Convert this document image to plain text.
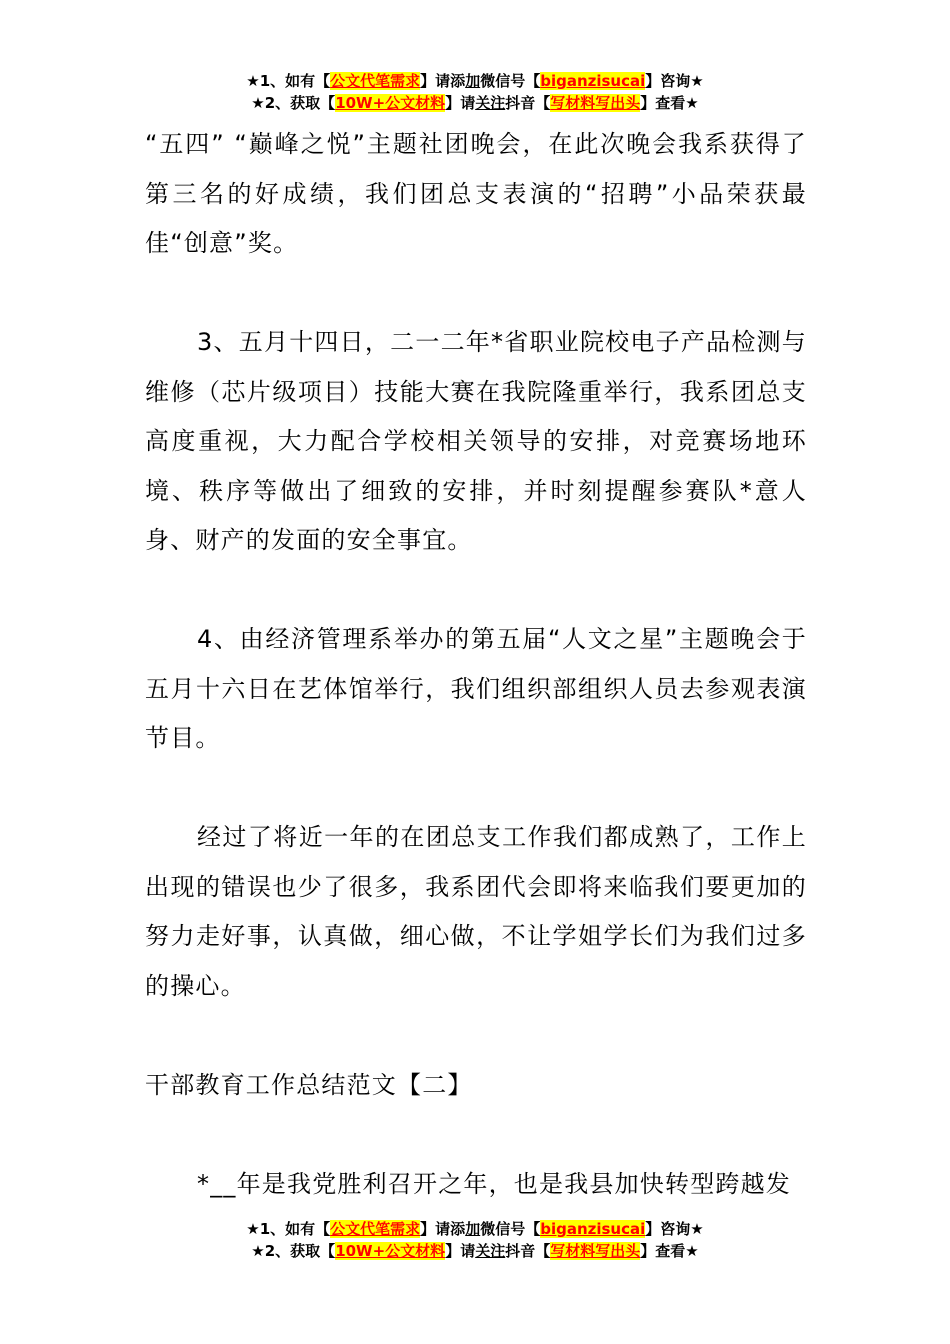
★1、如有【公文代笔需求】请添加微信号【biganzisucai】咨询★
★2、获取【10W+公文材料】请关注抖音【写材料写出头】查看★

“五四” “巅峰之悦”主题社团晚会，在此次晚会我系获得了第三名的好成绩，我们团总支表演的“招聘”小品荣获最佳“创意”奖。

3、五月十四日，二一二年*省职业院校电子产品检测与维修（芯片级项目）技能大赛在我院隆重举行，我系团总支高度重视，大力配合学校相关领导的安排，对竞赛场地环境、秩序等做出了细致的安排，并时刻提醒参赛队*意人身、财产的发面的安全事宜。

4、由经济管理系举办的第五届“人文之星”主题晚会于五月十六日在艺体馆举行，我们组织部组织人员去参观表演节目。

经过了将近一年的在团总支工作我们都成熟了，工作上出现的错误也少了很多，我系团代会即将来临我们要更加的努力走好事，认真做，细心做，不让学姐学长们为我们过多的操心。

干部教育工作总结范文【二】

*__年是我党胜利召开之年，也是我县加快转型跨越发

★1、如有【公文代笔需求】请添加微信号【biganzisucai】咨询★
★2、获取【10W+公文材料】请关注抖音【写材料写出头】查看★
